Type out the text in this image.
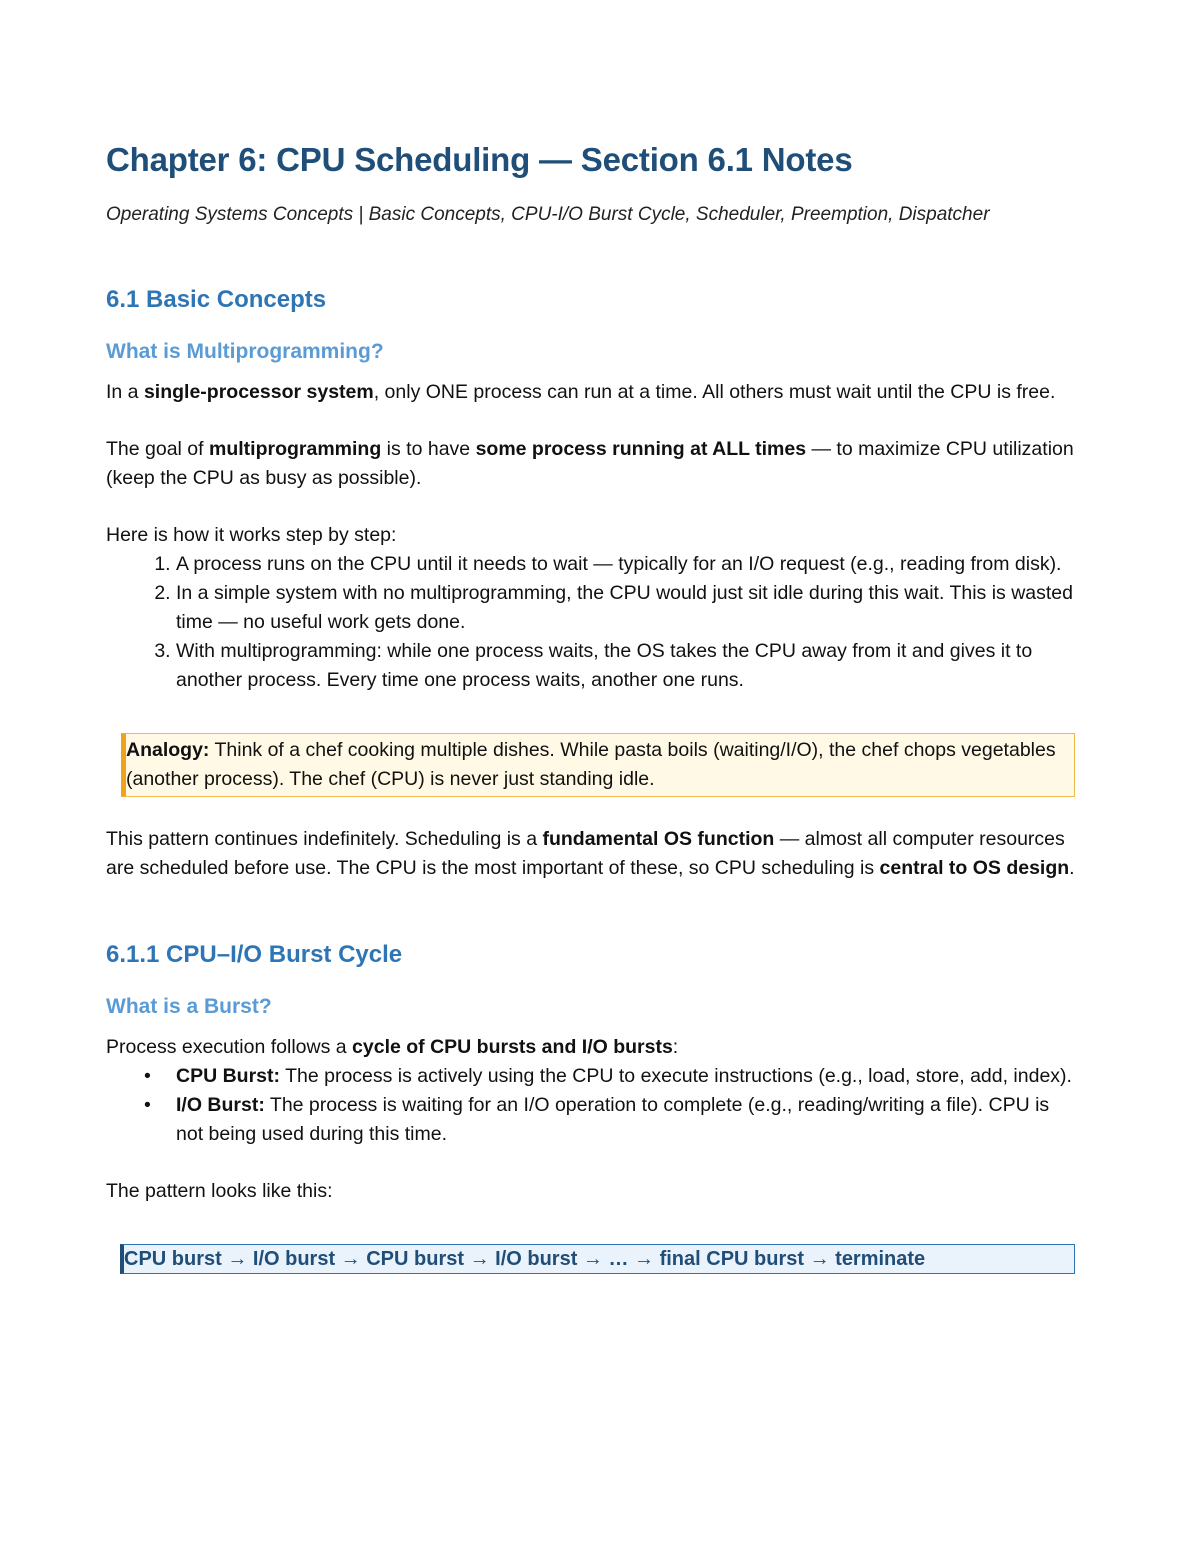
Chapter 6: CPU Scheduling — Section 6.1 Notes

Operating Systems Concepts | Basic Concepts, CPU-I/O Burst Cycle, Scheduler, Preemption, Dispatcher

6.1 Basic Concepts
What is Multiprogramming?

In a single-processor system, only ONE process can run at a time. All others must wait until the CPU is free.

The goal of multiprogramming is to have some process running at ALL times — to maximize CPU utilization (keep the CPU as busy as possible).

Here is how it works step by step:

1. A process runs on the CPU until it needs to wait — typically for an I/O request (e.g., reading from disk).
2. In a simple system with no multiprogramming, the CPU would just sit idle during this wait. This is wasted time — no useful work gets done.
3. With multiprogramming: while one process waits, the OS takes the CPU away from it and gives it to another process. Every time one process waits, another one runs.

Analogy: Think of a chef cooking multiple dishes. While pasta boils (waiting/I/O), the chef chops vegetables (another process). The chef (CPU) is never just standing idle.

This pattern continues indefinitely. Scheduling is a fundamental OS function — almost all computer resources are scheduled before use. The CPU is the most important of these, so CPU scheduling is central to OS design.

6.1.1 CPU–I/O Burst Cycle
What is a Burst?

Process execution follows a cycle of CPU bursts and I/O bursts:

• CPU Burst: The process is actively using the CPU to execute instructions (e.g., load, store, add, index).
• I/O Burst: The process is waiting for an I/O operation to complete (e.g., reading/writing a file). CPU is not being used during this time.

The pattern looks like this:

CPU burst → I/O burst → CPU burst → I/O burst → … → final CPU burst → terminate
